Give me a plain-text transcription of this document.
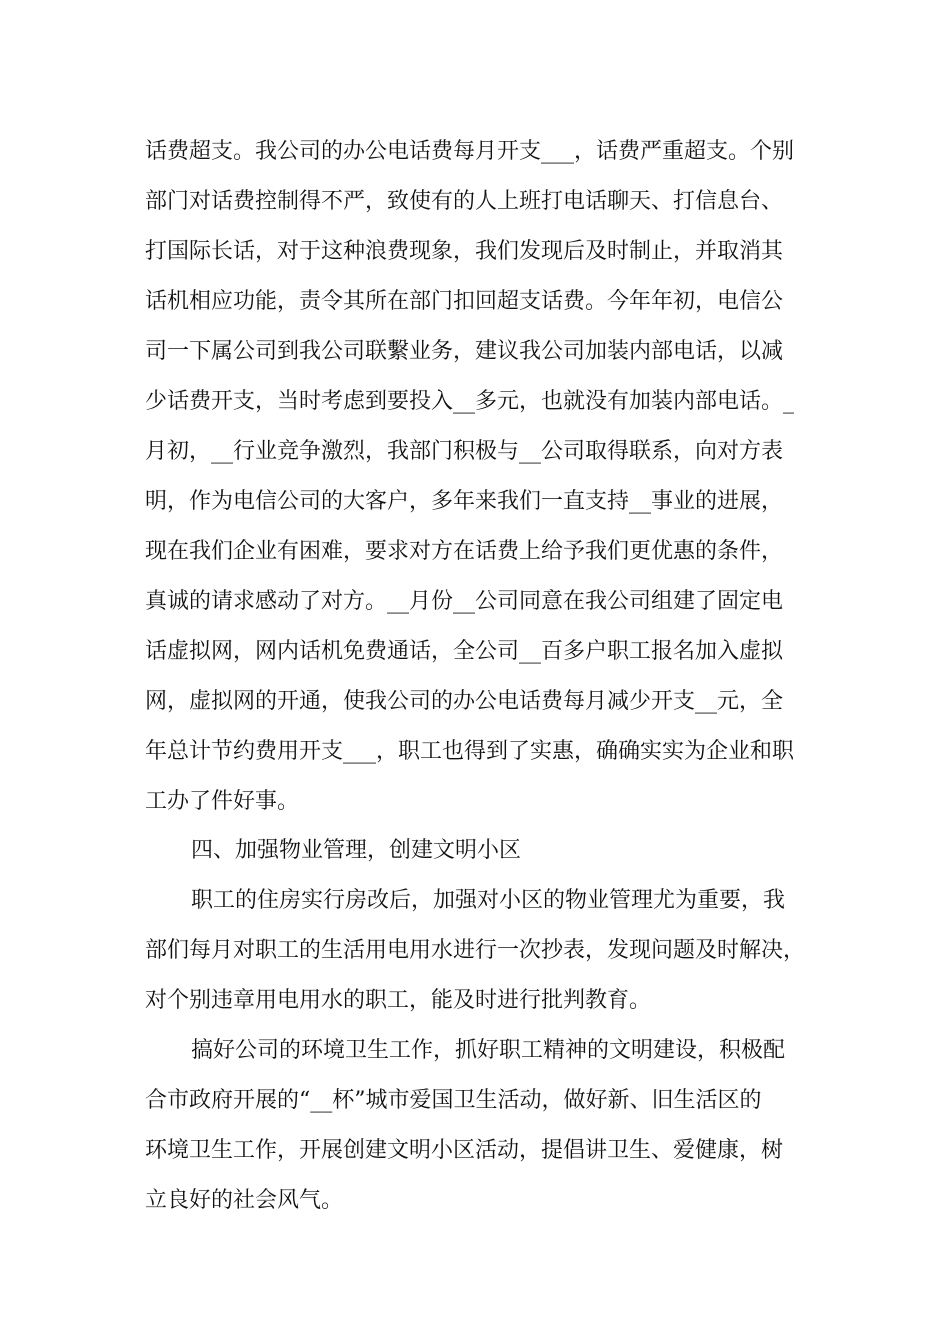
话费超支。我公司的办公电话费每月开支___，话费严重超支。个别
部门对话费控制得不严，致使有的人上班打电话聊天、打信息台、
打国际长话，对于这种浪费现象，我们发现后及时制止，并取消其
话机相应功能，责令其所在部门扣回超支话费。今年年初，电信公
司一下属公司到我公司联繫业务，建议我公司加装内部电话，以减
少话费开支，当时考虑到要投入__多元，也就没有加装内部电话。_
月初，__行业竞争激烈，我部门积极与__公司取得联系，向对方表
明，作为电信公司的大客户，多年来我们一直支持__事业的进展，
现在我们企业有困难，要求对方在话费上给予我们更优惠的条件，
真诚的请求感动了对方。__月份__公司同意在我公司组建了固定电
话虚拟网，网内话机免费通话，全公司__百多户职工报名加入虚拟
网，虚拟网的开通，使我公司的办公电话费每月减少开支__元，全
年总计节约费用开支___，职工也得到了实惠，确确实实为企业和职
工办了件好事。
四、加强物业管理，创建文明小区
职工的住房实行房改后，加强对小区的物业管理尤为重要，我
部们每月对职工的生活用电用水进行一次抄表，发现问题及时解决，
对个别违章用电用水的职工，能及时进行批判教育。
搞好公司的环境卫生工作，抓好职工精神的文明建设，积极配
合市政府开展的“__杯”城市爱国卫生活动，做好新、旧生活区的
环境卫生工作，开展创建文明小区活动，提倡讲卫生、爱健康，树
立良好的社会风气。
